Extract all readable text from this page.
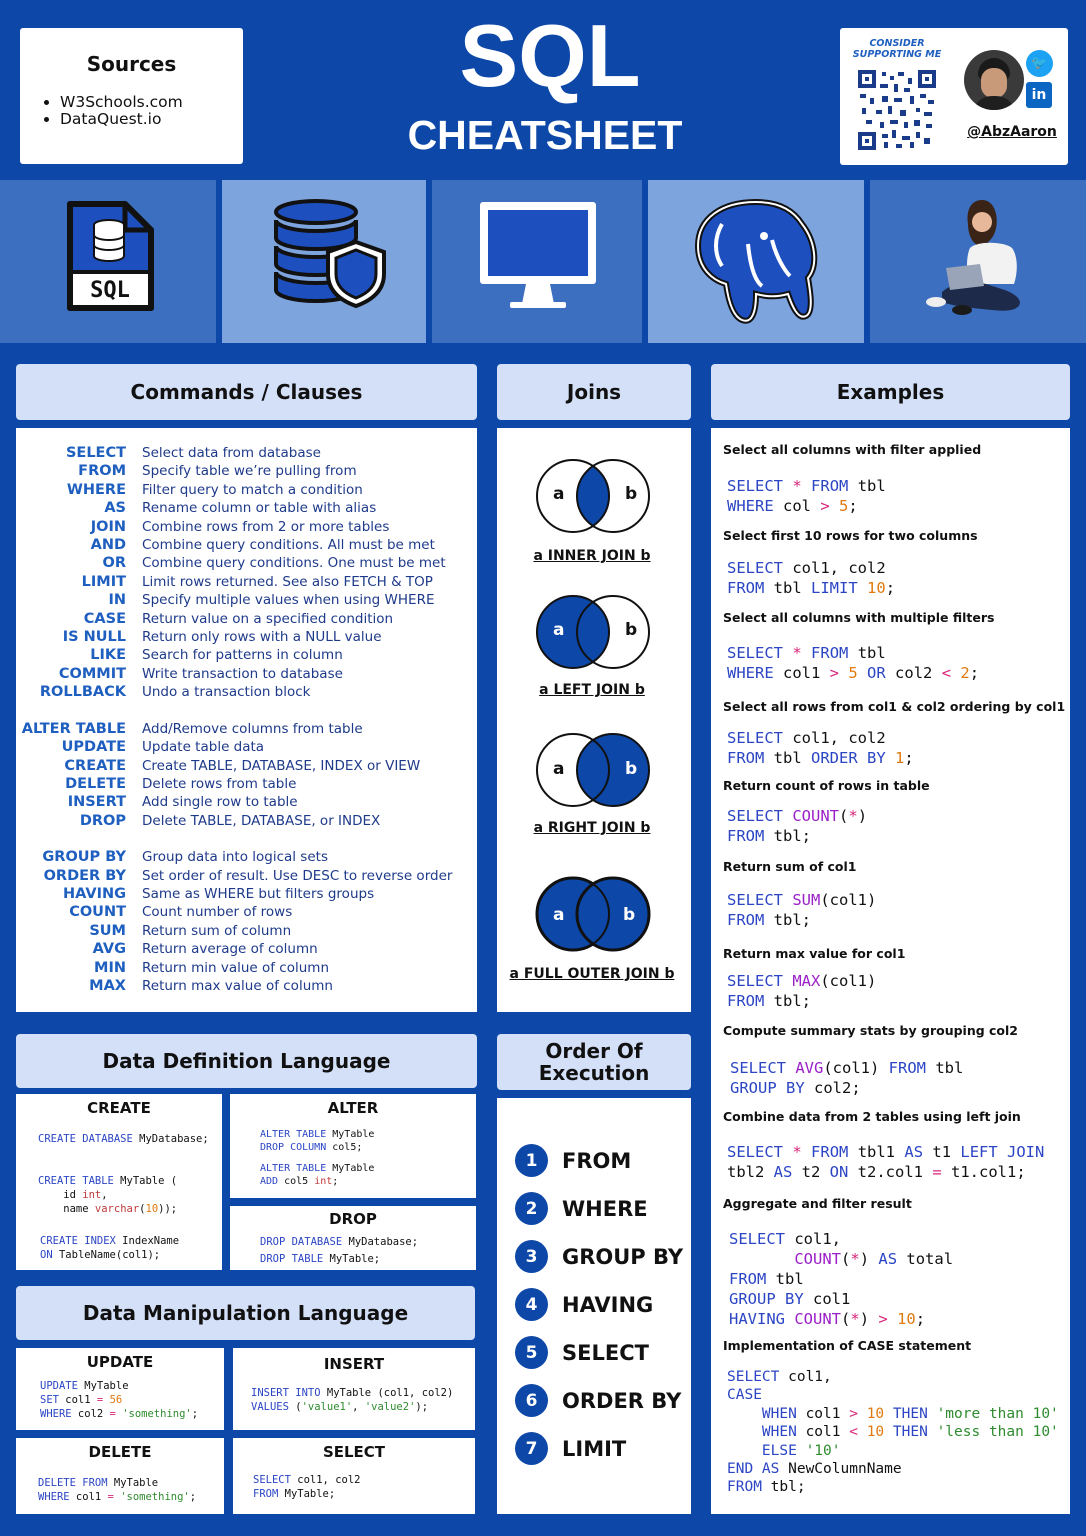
Sources
• W3Schools.com
• DataQuest.io
SQL
CHEATSHEET
CONSIDER
SUPPORTING ME
🐦
in
@AbzAaron
SQL
Commands / Clauses
SELECT	Select data from database
FROM	Specify table we’re pulling from
WHERE	Filter query to match a condition
AS	Rename column or table with alias
JOIN	Combine rows from 2 or more tables
AND	Combine query conditions. All must be met
OR	Combine query conditions. One must be met
LIMIT	Limit rows returned. See also FETCH & TOP
IN	Specify multiple values when using WHERE
CASE	Return value on a specified condition
IS NULL	Return only rows with a NULL value
LIKE	Search for patterns in column
COMMIT	Write transaction to database
ROLLBACK	Undo a transaction block
ALTER TABLE	Add/Remove columns from table
UPDATE	Update table data
CREATE	Create TABLE, DATABASE, INDEX or VIEW
DELETE	Delete rows from table
INSERT	Add single row to table
DROP	Delete TABLE, DATABASE, or INDEX
GROUP BY	Group data into logical sets
ORDER BY	Set order of result. Use DESC to reverse order
HAVING	Same as WHERE but filters groups
COUNT	Count number of rows
SUM	Return sum of column
AVG	Return average of column
MIN	Return min value of column
MAX	Return max value of column
Joins
a	b
a INNER JOIN b
a	b
a LEFT JOIN b
a	b
a RIGHT JOIN b
a	b
a FULL OUTER JOIN b
Examples
Select all columns with filter applied
SELECT * FROM tbl
WHERE col > 5;
Select first 10 rows for two columns
SELECT col1, col2
FROM tbl LIMIT 10;
Select all columns with multiple filters
SELECT * FROM tbl
WHERE col1 > 5 OR col2 < 2;
Select all rows from col1 & col2 ordering by col1
SELECT col1, col2
FROM tbl ORDER BY 1;
Return count of rows in table
SELECT COUNT(*)
FROM tbl;
Return sum of col1
SELECT SUM(col1)
FROM tbl;
Return max value for col1
SELECT MAX(col1)
FROM tbl;
Compute summary stats by grouping col2
SELECT AVG(col1) FROM tbl
GROUP BY col2;
Combine data from 2 tables using left join
SELECT * FROM tbl1 AS t1 LEFT JOIN
tbl2 AS t2 ON t2.col1 = t1.col1;
Aggregate and filter result
SELECT col1,
COUNT(*) AS total
FROM tbl
GROUP BY col1
HAVING COUNT(*) > 10;
Implementation of CASE statement
SELECT col1,
CASE
WHEN col1 > 10 THEN 'more than 10'
WHEN col1 < 10 THEN 'less than 10'
ELSE '10'
END AS NewColumnName
FROM tbl;
Data Definition Language
CREATE
CREATE DATABASE MyDatabase;
CREATE TABLE MyTable (
id int,
name varchar(10));
CREATE INDEX IndexName
ON TableName(col1);
ALTER
ALTER TABLE MyTable
DROP COLUMN col5;
ALTER TABLE MyTable
ADD col5 int;
DROP
DROP DATABASE MyDatabase;
DROP TABLE MyTable;
Data Manipulation Language
UPDATE
UPDATE MyTable
SET col1 = 56
WHERE col2 = 'something';
INSERT
INSERT INTO MyTable (col1, col2)
VALUES ('value1', 'value2');
DELETE
DELETE FROM MyTable
WHERE col1 = 'something';
SELECT
SELECT col1, col2
FROM MyTable;
Order Of Execution
1	FROM
2	WHERE
3	GROUP BY
4	HAVING
5	SELECT
6	ORDER BY
7	LIMIT
